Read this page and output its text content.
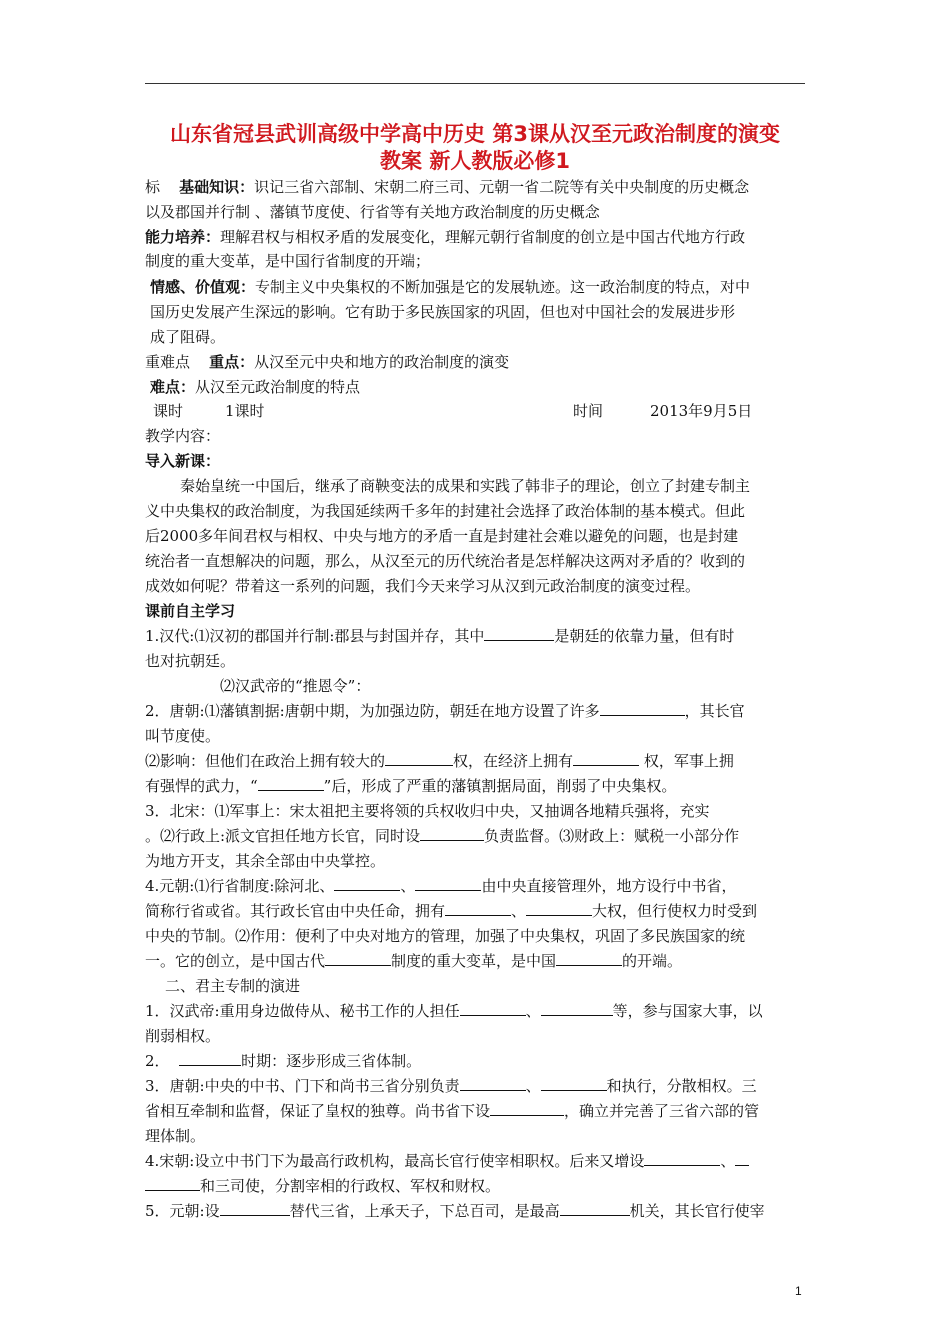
山东省冠县武训高级中学高中历史 第3课从汉至元政治制度的演变
教案 新人教版必修1
标 基础知识：识记三省六部制、宋朝二府三司、元朝一省二院等有关中央制度的历史概念
以及郡国并行制 、藩镇节度使、行省等有关地方政治制度的历史概念
能力培养：理解君权与相权矛盾的发展变化，理解元朝行省制度的创立是中国古代地方行政
制度的重大变革，是中国行省制度的开端；
情感、价值观：专制主义中央集权的不断加强是它的发展轨迹。这一政治制度的特点，对中
国历史发展产生深远的影响。它有助于多民族国家的巩固，但也对中国社会的发展进步形
成了阻碍。
重难点 重点：从汉至元中央和地方的政治制度的演变
难点：从汉至元政治制度的特点
课时	1课时	时间	2013年9月5日
教学内容：
导入新课：
秦始皇统一中国后，继承了商鞅变法的成果和实践了韩非子的理论，创立了封建专制主
义中央集权的政治制度，为我国延续两千多年的封建社会选择了政治体制的基本模式。但此
后2000多年间君权与相权、中央与地方的矛盾一直是封建社会难以避免的问题，也是封建
统治者一直想解决的问题，那么，从汉至元的历代统治者是怎样解决这两对矛盾的？收到的
成效如何呢？带着这一系列的问题，我们今天来学习从汉到元政治制度的演变过程。
课前自主学习
1.汉代:⑴汉初的郡国并行制:郡县与封国并存，其中	是朝廷的依靠力量，但有时
也对抗朝廷。
⑵汉武帝的“推恩令”：
2．唐朝:⑴藩镇割据:唐朝中期，为加强边防，朝廷在地方设置了许多	，其长官
叫节度使。
⑵影响：但他们在政治上拥有较大的	权，在经济上拥有	权，军事上拥
有强悍的武力，“	”后，形成了严重的藩镇割据局面，削弱了中央集权。
3．北宋：⑴军事上：宋太祖把主要将领的兵权收归中央，又抽调各地精兵强将，充实
。⑵行政上:派文官担任地方长官，同时设	负责监督。⑶财政上：赋税一小部分作
为地方开支，其余全部由中央掌控。
4.元朝:⑴行省制度:除河北、	、	由中央直接管理外，地方设行中书省，
简称行省或省。其行政长官由中央任命，拥有	、	大权，但行使权力时受到
中央的节制。⑵作用：便利了中央对地方的管理，加强了中央集权，巩固了多民族国家的统
一。它的创立，是中国古代	制度的重大变革，是中国	的开端。
二、君主专制的演进
1．汉武帝:重用身边做侍从、秘书工作的人担任	、	等，参与国家大事，以
削弱相权。
2．	时期：逐步形成三省体制。
3．唐朝:中央的中书、门下和尚书三省分别负责	、	和执行，分散相权。三
省相互牵制和监督，保证了皇权的独尊。尚书省下设	，确立并完善了三省六部的管
理体制。
4.宋朝:设立中书门下为最高行政机构，最高长官行使宰相职权。后来又增设	、
和三司使，分割宰相的行政权、军权和财权。
5．元朝:设	替代三省，上承天子，下总百司，是最高	机关，其长官行使宰
1
